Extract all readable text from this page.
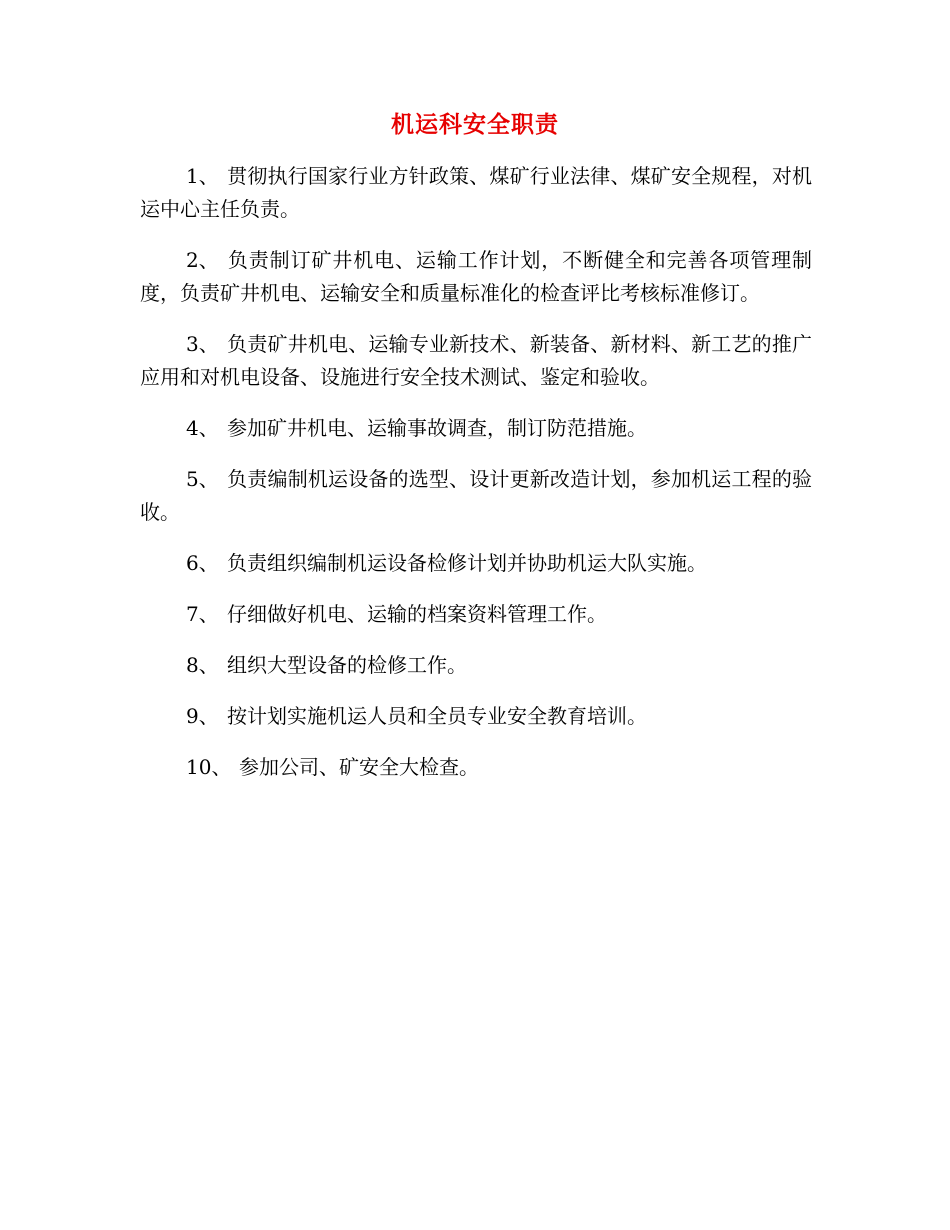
机运科安全职责

1、 贯彻执行国家行业方针政策、煤矿行业法律、煤矿安全规程，对机运中心主任负责。

2、 负责制订矿井机电、运输工作计划，不断健全和完善各项管理制度，负责矿井机电、运输安全和质量标准化的检查评比考核标准修订。

3、 负责矿井机电、运输专业新技术、新装备、新材料、新工艺的推广应用和对机电设备、设施进行安全技术测试、鉴定和验收。

4、 参加矿井机电、运输事故调查，制订防范措施。

5、 负责编制机运设备的选型、设计更新改造计划，参加机运工程的验收。

6、 负责组织编制机运设备检修计划并协助机运大队实施。

7、 仔细做好机电、运输的档案资料管理工作。

8、 组织大型设备的检修工作。

9、 按计划实施机运人员和全员专业安全教育培训。

10、 参加公司、矿安全大检查。
